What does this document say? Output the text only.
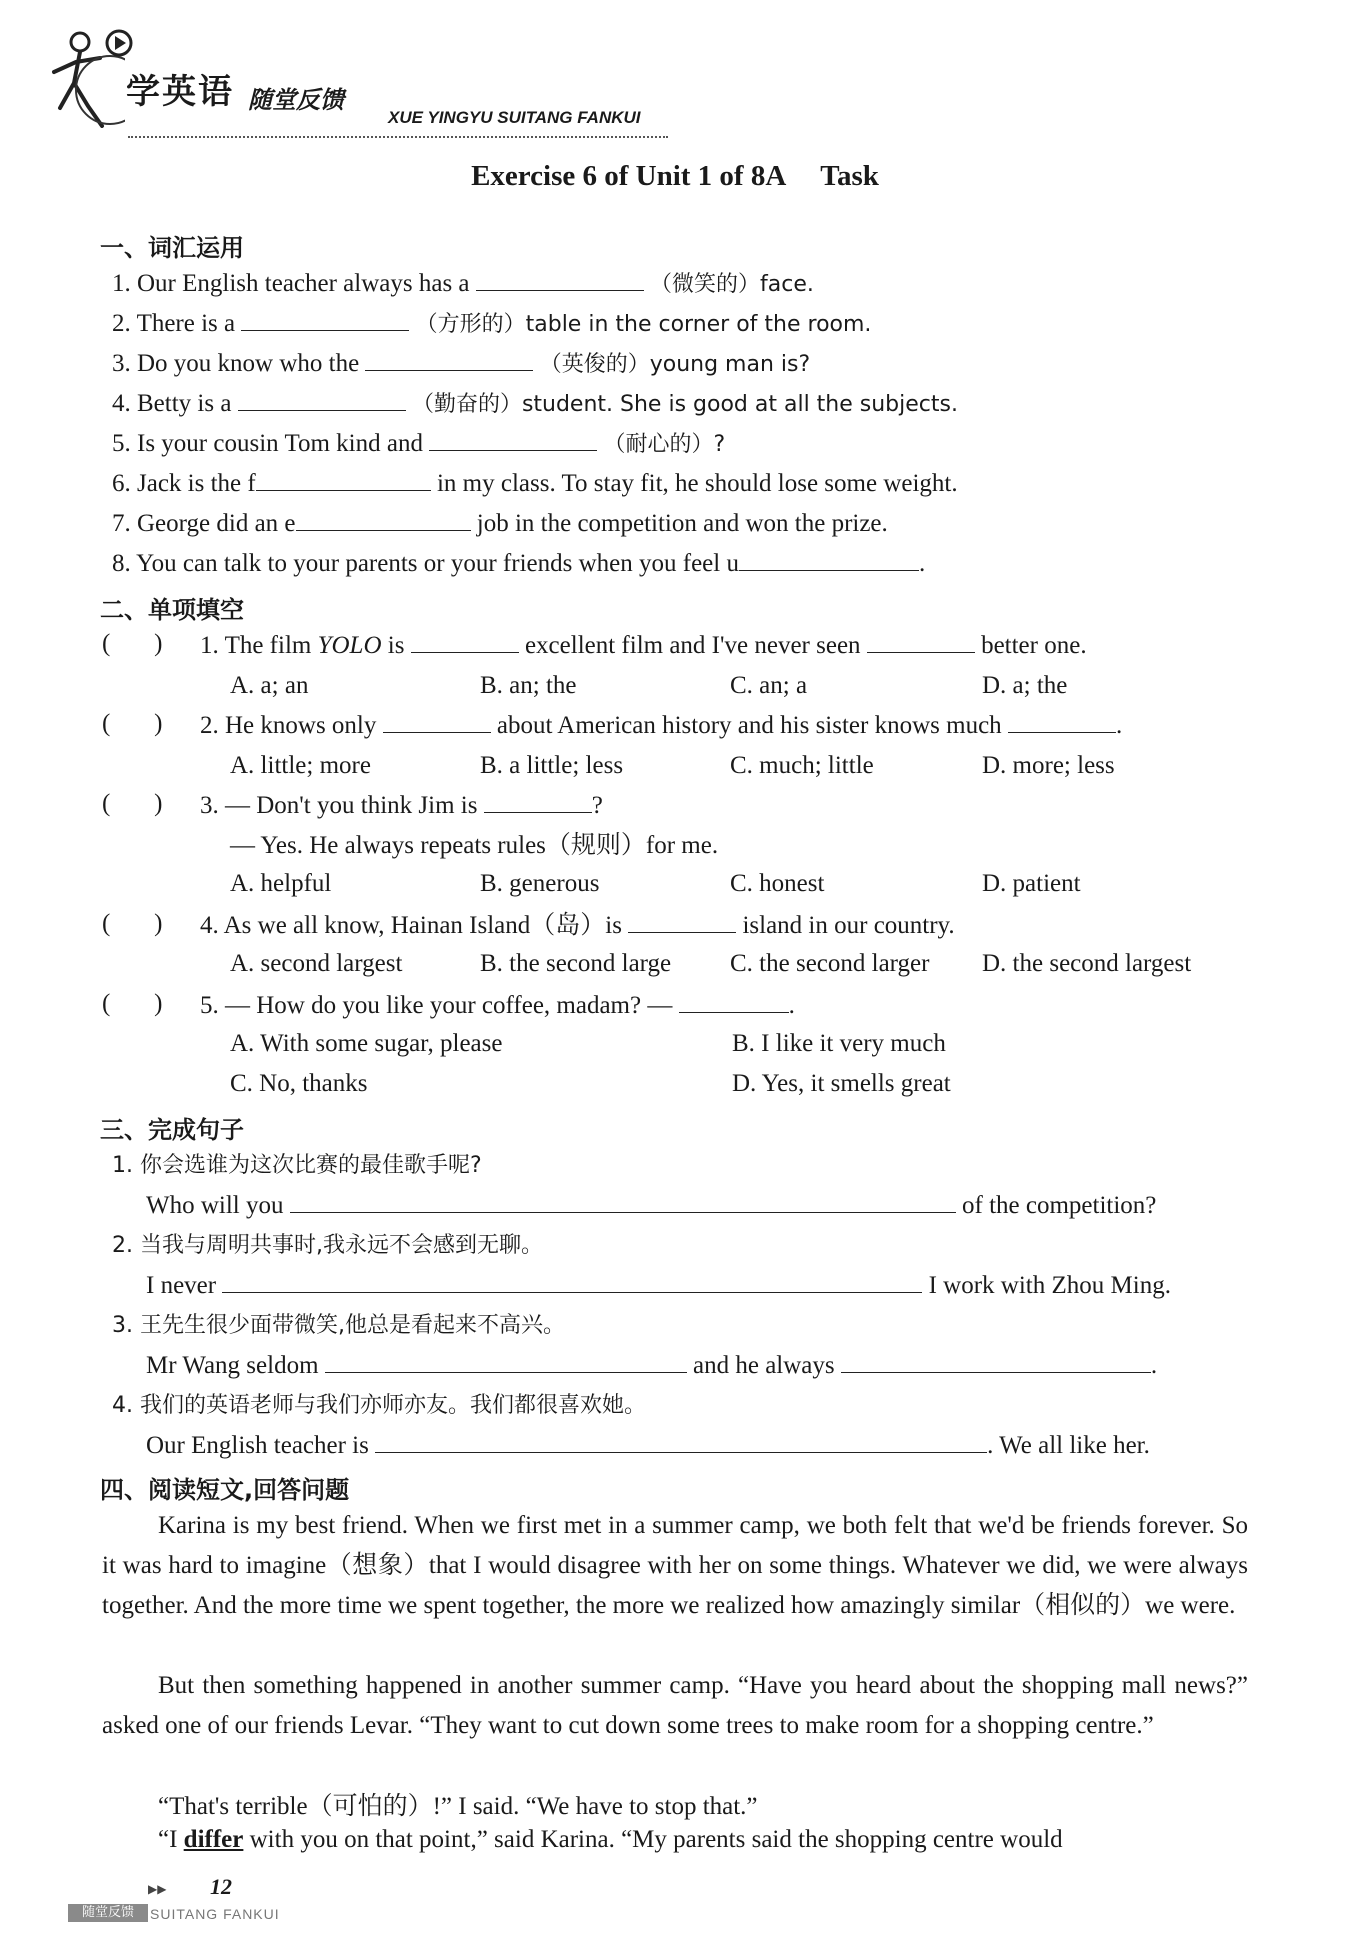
学英语 随堂反馈
XUE YINGYU SUITANG FANKUI
Exercise 6 of Unit 1 of 8A Task
一、词汇运用
1. Our English teacher always has a	（微笑的）face.
2. There is a	（方形的）table in the corner of the room.
3. Do you know who the	（英俊的）young man is?
4. Betty is a	（勤奋的）student. She is good at all the subjects.
5. Is your cousin Tom kind and	（耐心的）?
6. Jack is the f	in my class. To stay fit, he should lose some weight.
7. George did an e	job in the competition and won the prize.
8. You can talk to your parents or your friends when you feel u	.
二、单项填空
(       ) 1. The film YOLO is	excellent film and I've never seen	better one.
A. a; an	B. an; the	C. an; a	D. a; the
(       ) 2. He knows only	about American history and his sister knows much	.
A. little; more	B. a little; less	C. much; little	D. more; less
(       ) 3. — Don't you think Jim is	?
— Yes. He always repeats rules（规则）for me.
A. helpful	B. generous	C. honest	D. patient
(       ) 4. As we all know, Hainan Island（岛）is	island in our country.
A. second largest	B. the second large C. the second larger D. the second largest
(       ) 5. — How do you like your coffee, madam? —	.
A. With some sugar, please	B. I like it very much
C. No, thanks	D. Yes, it smells great
三、完成句子
1. 你会选谁为这次比赛的最佳歌手呢?
Who will you	of the competition?
2. 当我与周明共事时,我永远不会感到无聊。
I never	I work with Zhou Ming.
3. 王先生很少面带微笑,他总是看起来不高兴。
Mr Wang seldom	and he always	.
4. 我们的英语老师与我们亦师亦友。我们都很喜欢她。
Our English teacher is	. We all like her.
四、阅读短文,回答问题
Karina is my best friend. When we first met in a summer camp, we both felt that we'd be friends forever. So it was hard to imagine（想象）that I would disagree with her on some things. Whatever we did, we were always together. And the more time we spent together, the more we realized how amazingly similar（相似的）we were.
But then something happened in another summer camp. “Have you heard about the shopping mall news?” asked one of our friends Levar. “They want to cut down some trees to make room for a shopping centre.”
“That's terrible（可怕的）!” I said. “We have to stop that.”
“I differ with you on that point,” said Karina. “My parents said the shopping centre would
▶▶ 12
随堂反馈	SUITANG FANKUI
